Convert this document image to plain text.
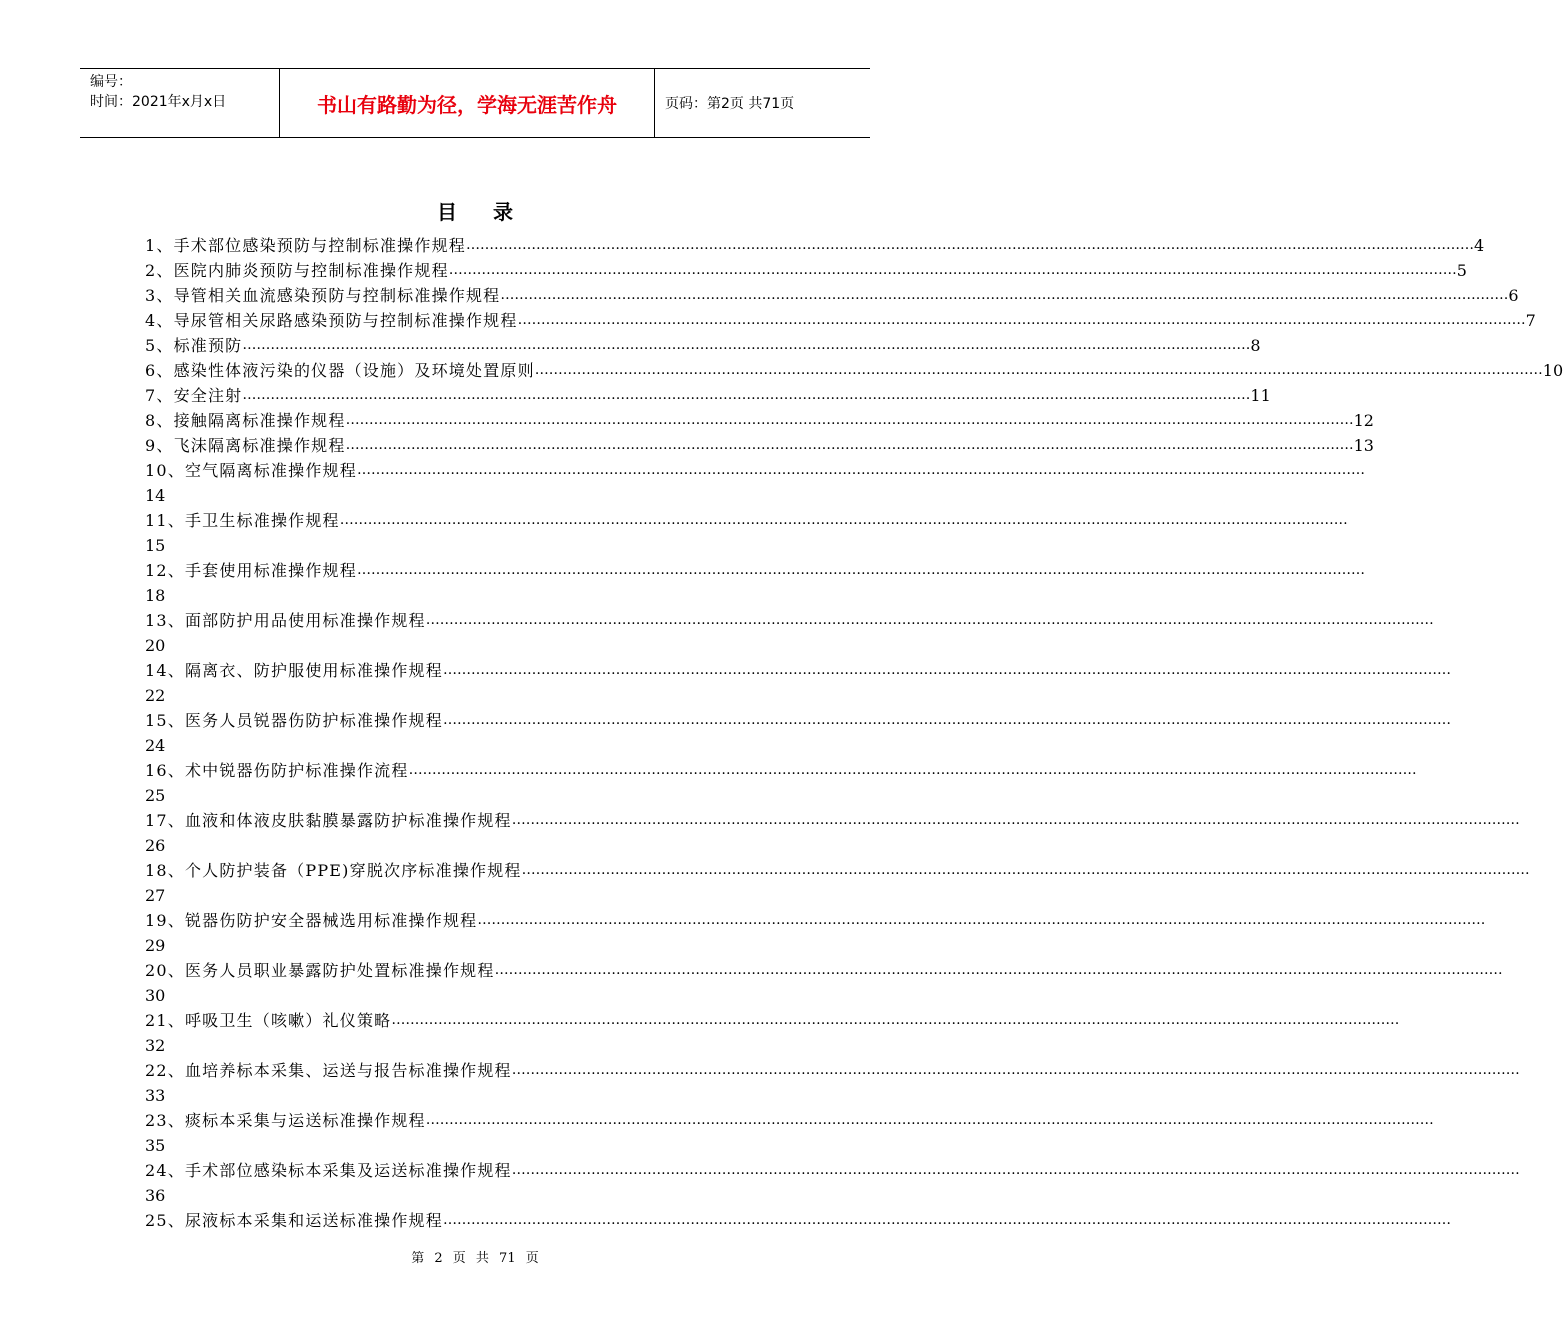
编号：
时间：2021年x月x日	书山有路勤为径，学海无涯苦作舟	页码：第2页 共71页
目录
1、手术部位感染预防与控制标准操作规程 ……………………………………………………………………………………………………………………………………………………………………………………………… 4
2、医院内肺炎预防与控制标准操作规程 ……………………………………………………………………………………………………………………………………………………………………………………………… 5
3、导管相关血流感染预防与控制标准操作规程 ……………………………………………………………………………………………………………………………………………………………………………………………… 6
4、导尿管相关尿路感染预防与控制标准操作规程 ……………………………………………………………………………………………………………………………………………………………………………………………… 7
5、标准预防 ……………………………………………………………………………………………………………………………………………………………………………………………… 8
6、感染性体液污染的仪器（设施）及环境处置原则 ……………………………………………………………………………………………………………………………………………………………………………………………… 10
7、安全注射 ……………………………………………………………………………………………………………………………………………………………………………………………… 11
8、接触隔离标准操作规程 ……………………………………………………………………………………………………………………………………………………………………………………………… 12
9、飞沫隔离标准操作规程 ……………………………………………………………………………………………………………………………………………………………………………………………… 13
10、空气隔离标准操作规程 ………………………………………………………………………………………………………………………………………………………………………………………………
14
11、手卫生标准操作规程 ………………………………………………………………………………………………………………………………………………………………………………………………
15
12、手套使用标准操作规程 ………………………………………………………………………………………………………………………………………………………………………………………………
18
13、面部防护用品使用标准操作规程 ………………………………………………………………………………………………………………………………………………………………………………………………
20
14、隔离衣、防护服使用标准操作规程 ………………………………………………………………………………………………………………………………………………………………………………………………
22
15、医务人员锐器伤防护标准操作规程 ………………………………………………………………………………………………………………………………………………………………………………………………
24
16、术中锐器伤防护标准操作流程 ………………………………………………………………………………………………………………………………………………………………………………………………
25
17、血液和体液皮肤黏膜暴露防护标准操作规程 ………………………………………………………………………………………………………………………………………………………………………………………………
26
18、个人防护装备（PPE)穿脱次序标准操作规程 ………………………………………………………………………………………………………………………………………………………………………………………………
27
19、锐器伤防护安全器械选用标准操作规程 ………………………………………………………………………………………………………………………………………………………………………………………………
29
20、医务人员职业暴露防护处置标准操作规程 ………………………………………………………………………………………………………………………………………………………………………………………………
30
21、呼吸卫生（咳嗽）礼仪策略 ………………………………………………………………………………………………………………………………………………………………………………………………
32
22、血培养标本采集、运送与报告标准操作规程 ………………………………………………………………………………………………………………………………………………………………………………………………
33
23、痰标本采集与运送标准操作规程 ………………………………………………………………………………………………………………………………………………………………………………………………
35
24、手术部位感染标本采集及运送标准操作规程 ………………………………………………………………………………………………………………………………………………………………………………………………
36
25、尿液标本采集和运送标准操作规程 ………………………………………………………………………………………………………………………………………………………………………………………………
第 2 页 共 71 页
